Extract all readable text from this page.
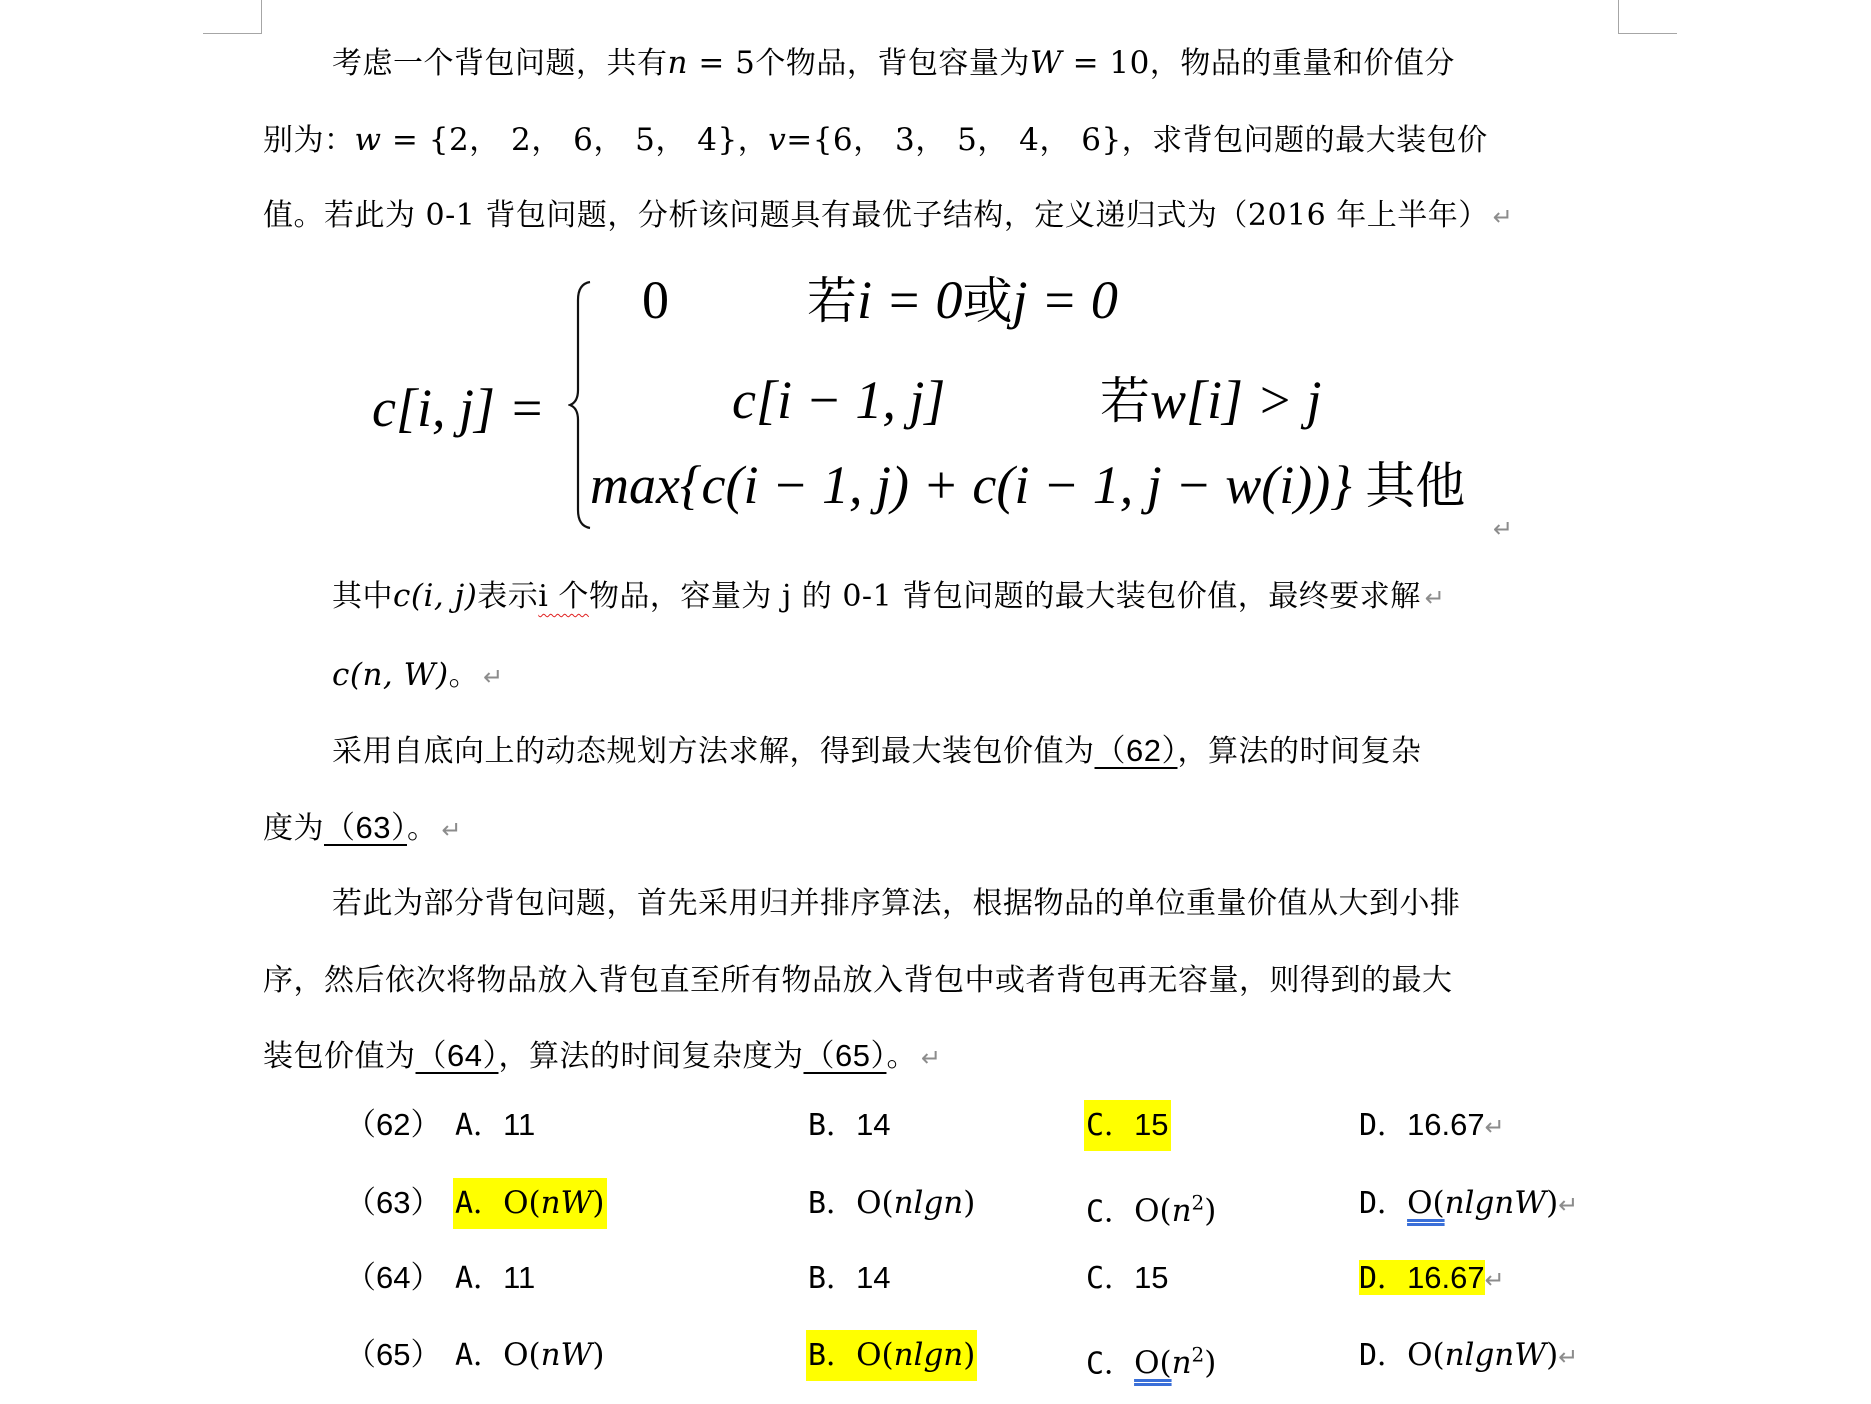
考虑一个背包问题，共有n = 5个物品，背包容量为W = 10，物品的重量和价值分
别为：w = {2， 2， 6， 5， 4}，v={6， 3， 5， 4， 6}，求背包问题的最大装包价
值。若此为 0-1 背包问题，分析该问题具有最优子结构，定义递归式为（2016 年上半年） ↵
c[i, j] =
0	若i = 0或j = 0
c[i − 1, j]	若w[i] > j
max{c(i − 1, j) + c(i − 1, j − w(i))} 其他
↵
其中c(i, j)表示i 个物品，容量为 j 的 0-1 背包问题的最大装包价值，最终要求解 ↵
c(n, W)。 ↵
采用自底向上的动态规划方法求解，得到最大装包价值为（62），算法的时间复杂
度为（63）。 ↵
若此为部分背包问题，首先采用归并排序算法，根据物品的单位重量价值从大到小排
序，然后依次将物品放入背包直至所有物品放入背包中或者背包再无容量，则得到的最大
装包价值为（64），算法的时间复杂度为（65）。 ↵
（62） A．11	B．14	C．15	D．16.67↵
（63） A．O(nW)	B．O(nlgn)	C．$O(n^2)$	D．O(nlgnW)↵
（64） A．11	B．14	C．15	D．16.67↵
（65） A．O(nW)	B．O(nlgn)	C．$O(n^2)$	D．O(nlgnW)↵
